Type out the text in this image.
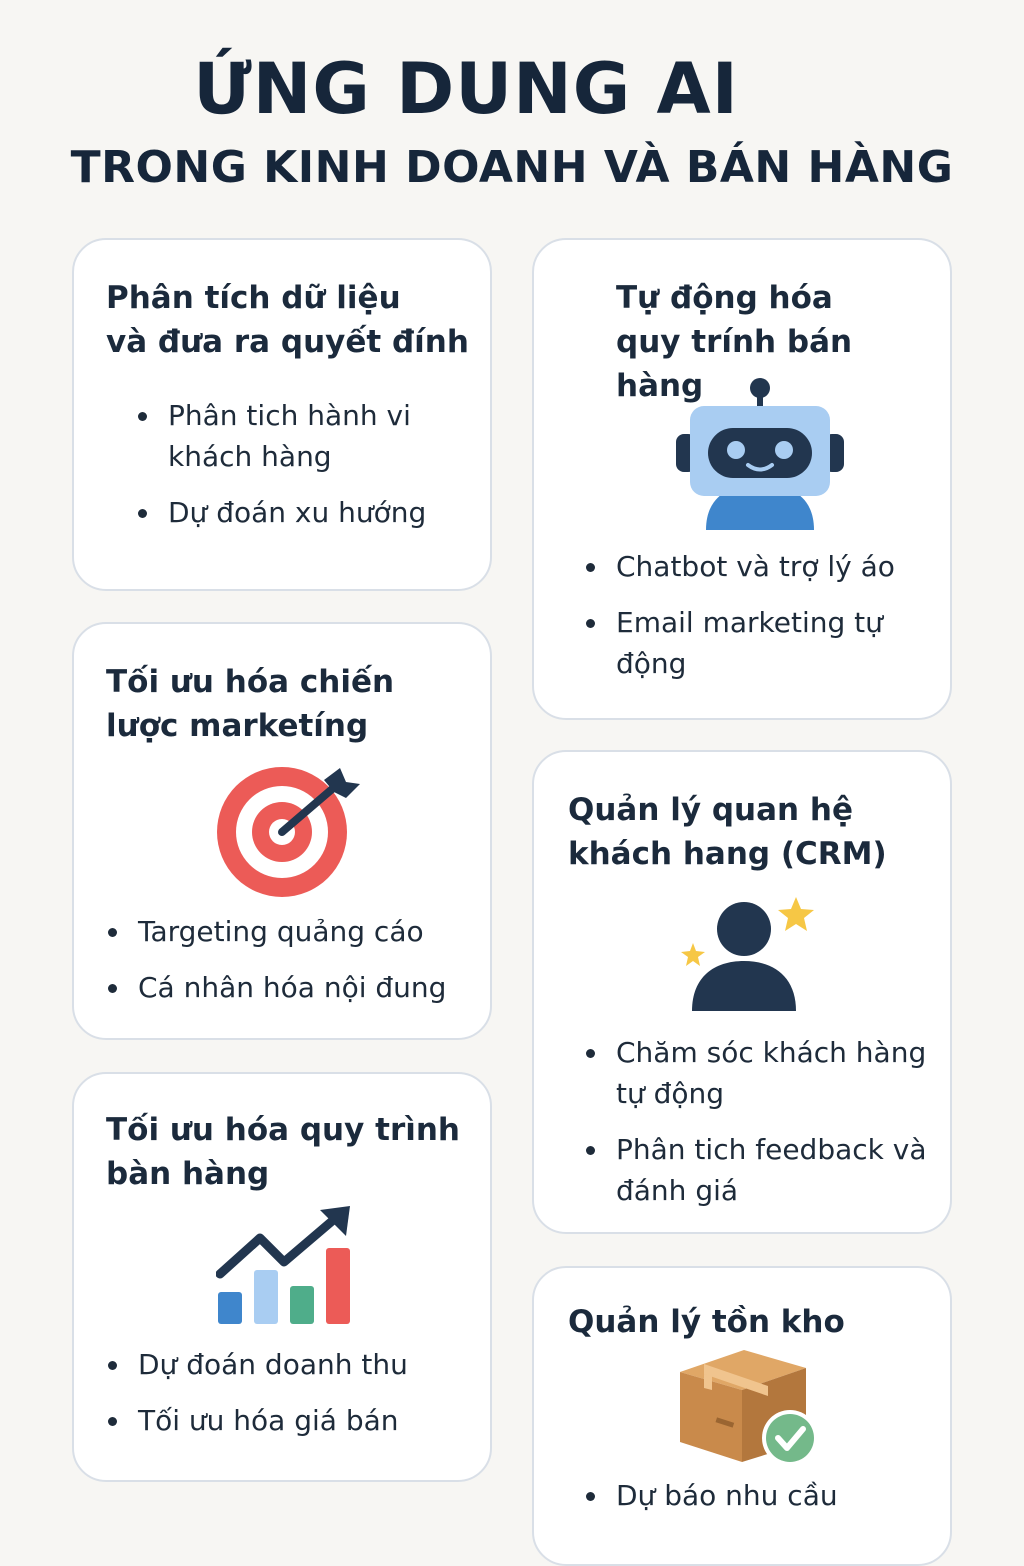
ỨNG DUNG AI
TRONG KINH DOANH VÀ BÁN HÀNG
Phân tích dữ liệu
và đưa ra quyết đính
Phân tich hành vi khách hàng
Dự đoán xu hướng
Tự động hóa
quy trính bán hàng
Chatbot và trợ lý áo
Email marketing tự động
Tối ưu hóa chiến
lược marketíng
Targeting quảng cáo
Cá nhân hóa nội đung
Quản lý quan hệ
khách hang (CRM)
Chăm sóc khách hàng tự động
Phân tich feedback và đánh giá
Tối ưu hóa quy trình
bàn hàng
Dự đoán doanh thu
Tối ưu hóa giá bán
Quản lý tồn kho
Dự báo nhu cầu
